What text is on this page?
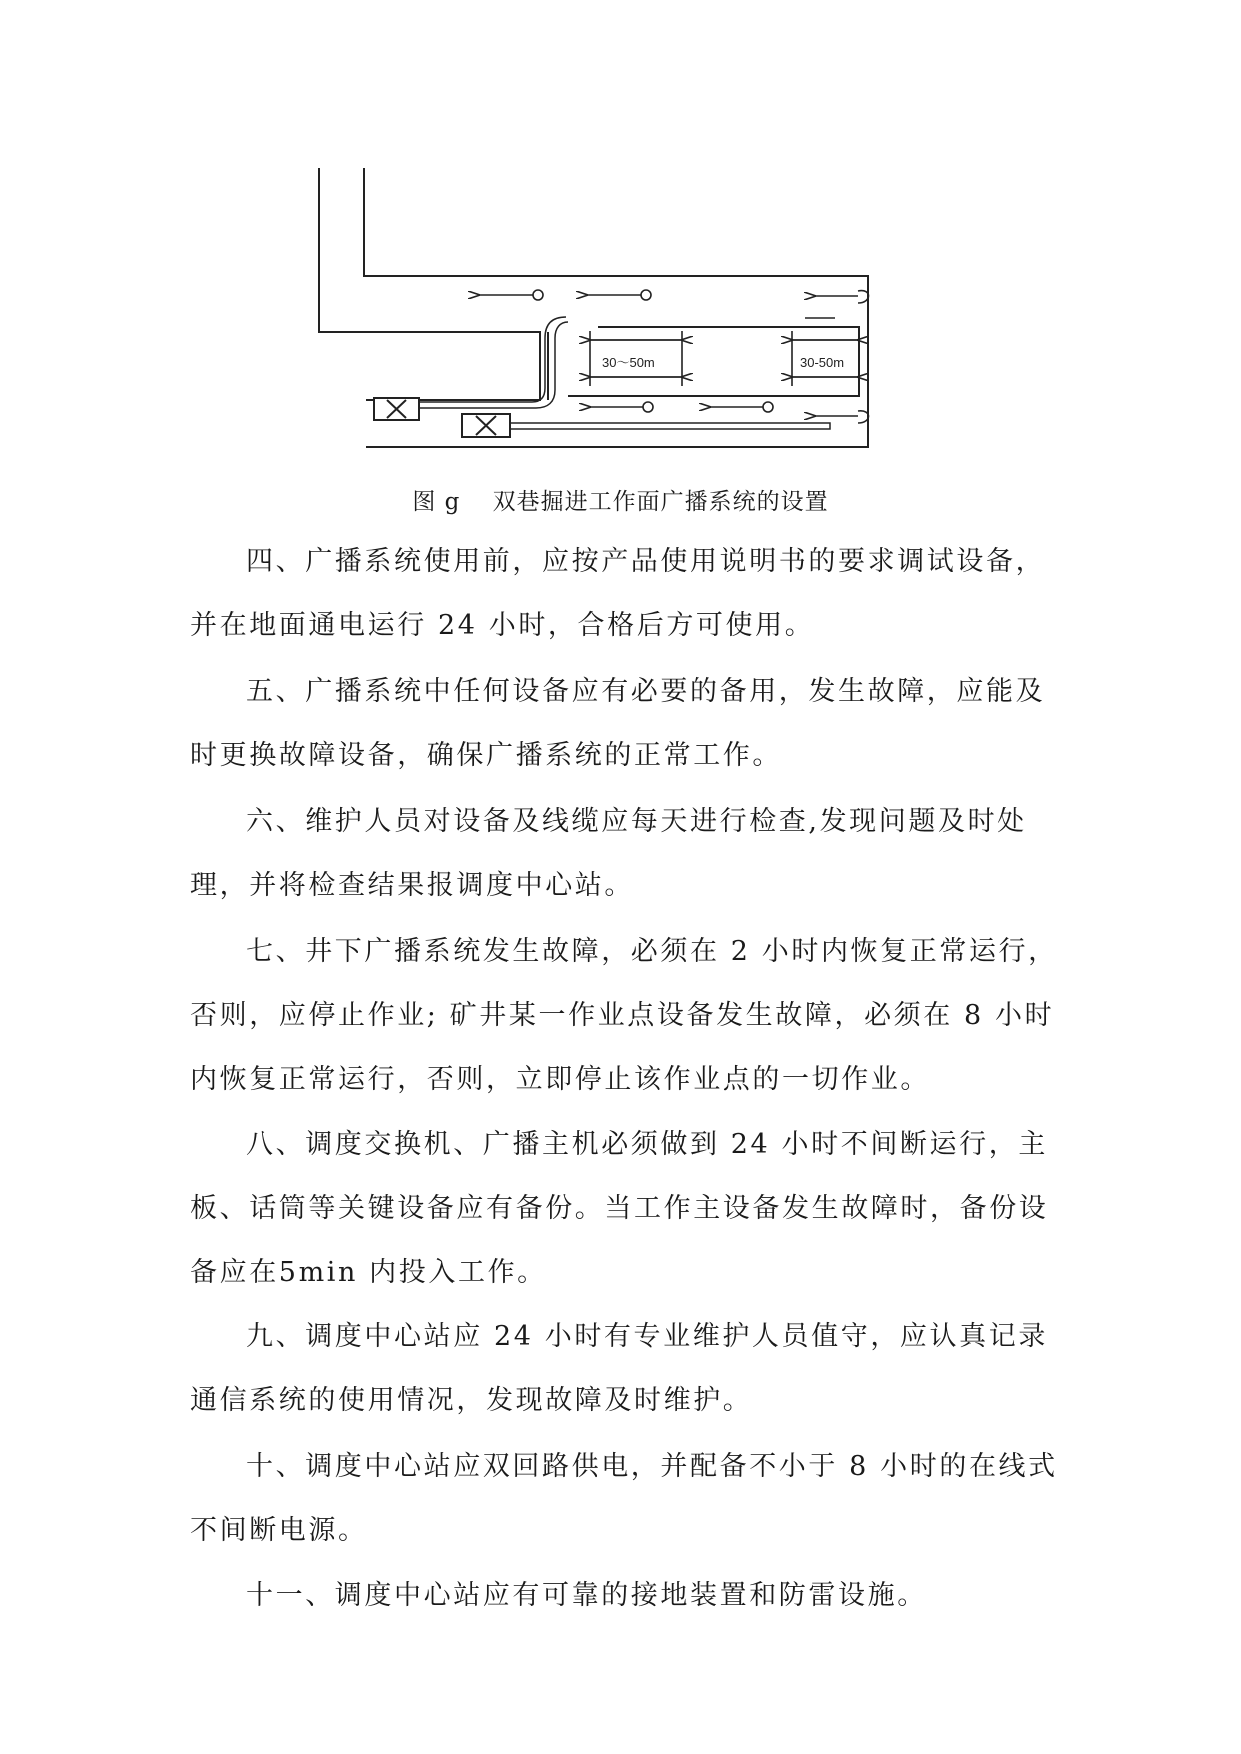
30～50m	30-50m
图 g　 双巷掘进工作面广播系统的设置

四、广播系统使用前，应按产品使用说明书的要求调试设备，并在地面通电运行 24 小时，合格后方可使用。

五、广播系统中任何设备应有必要的备用，发生故障，应能及时更换故障设备，确保广播系统的正常工作。

六、维护人员对设备及线缆应每天进行检查,发现问题及时处理，并将检查结果报调度中心站。

七、井下广播系统发生故障，必须在 2 小时内恢复正常运行，否则，应停止作业; 矿井某一作业点设备发生故障，必须在 8 小时内恢复正常运行，否则，立即停止该作业点的一切作业。

八、调度交换机、广播主机必须做到 24 小时不间断运行，主板、话筒等关键设备应有备份。当工作主设备发生故障时，备份设备应在5min 内投入工作。

九、调度中心站应 24 小时有专业维护人员值守，应认真记录通信系统的使用情况，发现故障及时维护。

十、调度中心站应双回路供电，并配备不小于 8 小时的在线式不间断电源。

十一、调度中心站应有可靠的接地装置和防雷设施。
